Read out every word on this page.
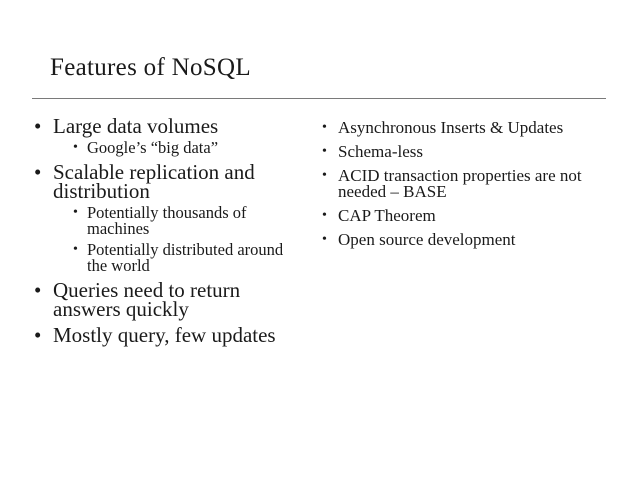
Features of NoSQL
• Large data volumes
• Google’s “big data”
• Scalable replication and distribution
• Potentially thousands of machines
• Potentially distributed around the world
• Queries need to return answers quickly
• Mostly query, few updates
• Asynchronous Inserts & Updates
• Schema-less
• ACID transaction properties are not needed – BASE
• CAP Theorem
• Open source development
